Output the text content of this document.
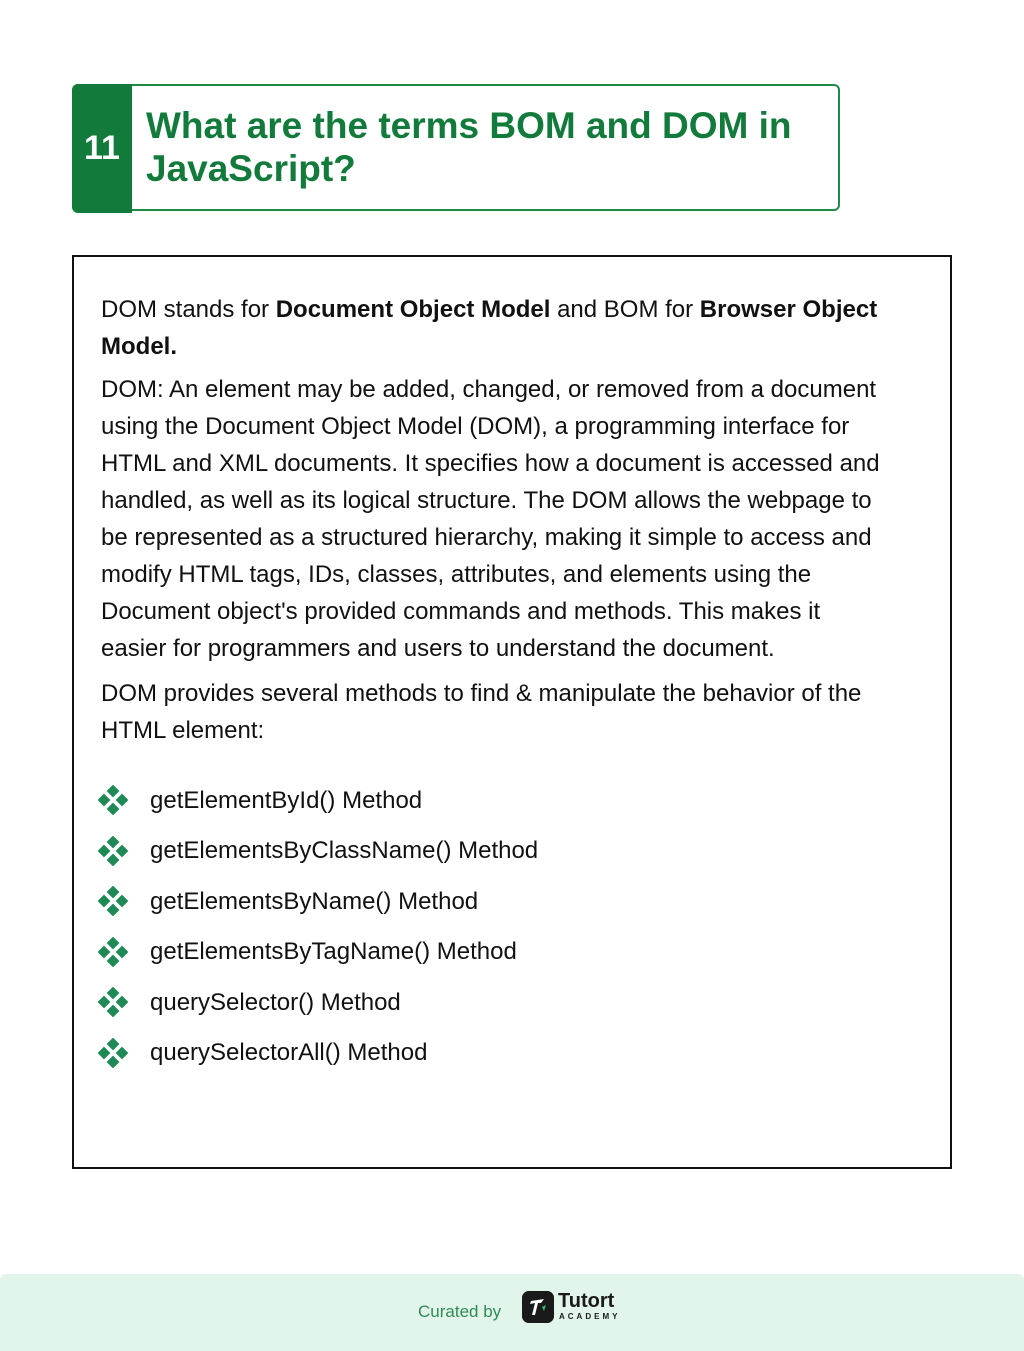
11
What are the terms BOM and DOM in JavaScript?

DOM stands for Document Object Model and BOM for Browser Object Model.

DOM: An element may be added, changed, or removed from a document using the Document Object Model (DOM), a programming interface for HTML and XML documents. It specifies how a document is accessed and handled, as well as its logical structure. The DOM allows the webpage to be represented as a structured hierarchy, making it simple to access and modify HTML tags, IDs, classes, attributes, and elements using the Document object's provided commands and methods. This makes it easier for programmers and users to understand the document.

DOM provides several methods to find & manipulate the behavior of the HTML element:

getElementById() Method
getElementsByClassName() Method
getElementsByName() Method
getElementsByTagName() Method
querySelector() Method
querySelectorAll() Method
Curated by	Tutort
ACADEMY
